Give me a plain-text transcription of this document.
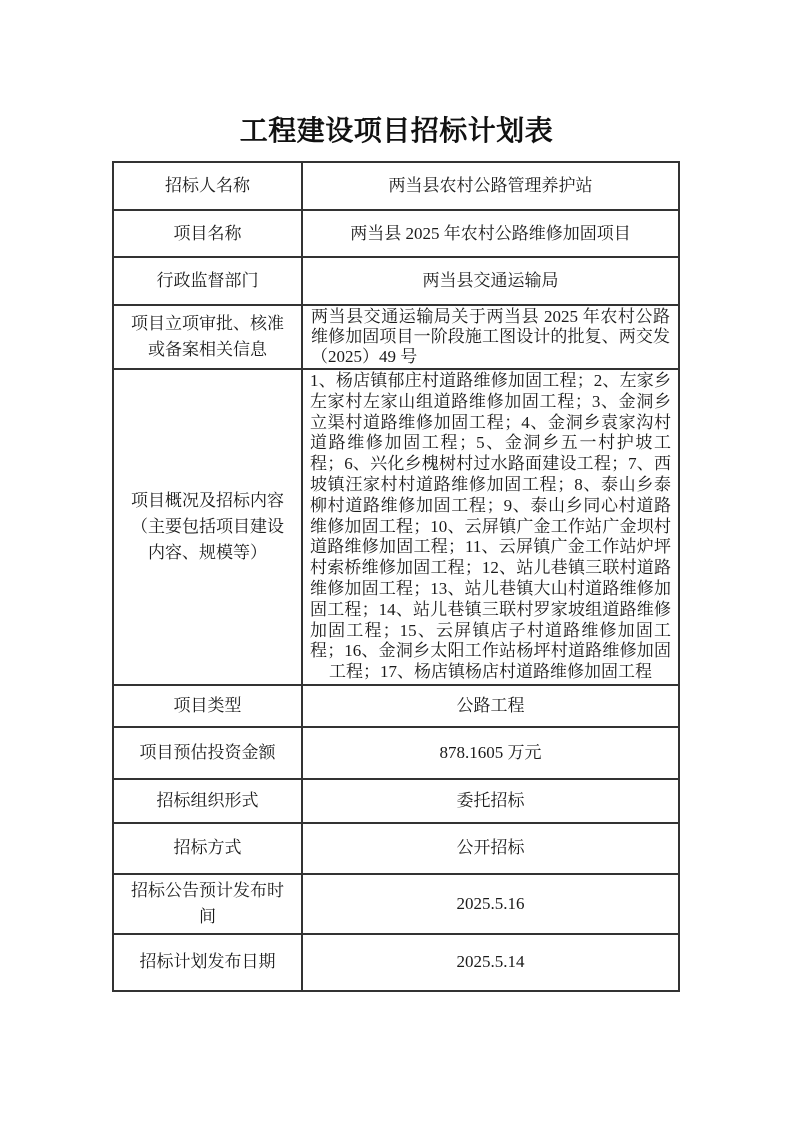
工程建设项目招标计划表
招标人名称	两当县农村公路管理养护站
项目名称	两当县 2025 年农村公路维修加固项目
行政监督部门	两当县交通运输局
项目立项审批、核准或备案相关信息	两当县交通运输局关于两当县 2025 年农村公路维修加固项目一阶段施工图设计的批复、两交发（2025）49 号
项目概况及招标内容（主要包括项目建设内容、规模等）	1、杨店镇郁庄村道路维修加固工程；2、左家乡左家村左家山组道路维修加固工程；3、金洞乡立渠村道路维修加固工程；4、金洞乡袁家沟村道路维修加固工程；5、金洞乡五一村护坡工程；6、兴化乡槐树村过水路面建设工程；7、西坡镇汪家村村道路维修加固工程；8、泰山乡泰柳村道路维修加固工程；9、泰山乡同心村道路维修加固工程；10、云屏镇广金工作站广金坝村道路维修加固工程；11、云屏镇广金工作站炉坪村索桥维修加固工程；12、站儿巷镇三联村道路维修加固工程；13、站儿巷镇大山村道路维修加固工程；14、站儿巷镇三联村罗家坡组道路维修加固工程；15、云屏镇店子村道路维修加固工程；16、金洞乡太阳工作站杨坪村道路维修加固工程；17、杨店镇杨店村道路维修加固工程
项目类型	公路工程
项目预估投资金额	878.1605 万元
招标组织形式	委托招标
招标方式	公开招标
招标公告预计发布时间	2025.5.16
招标计划发布日期	2025.5.14
